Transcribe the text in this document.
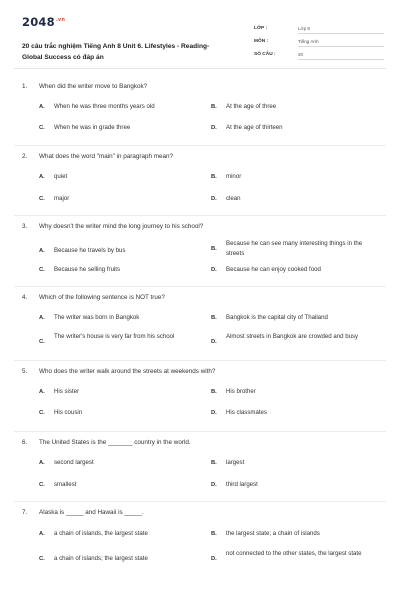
$2048^{.vn}$
20 câu trắc nghiệm Tiếng Anh 8 Unit 6. Lifestyles - Reading- Global Success có đáp án
LỚP :	Lớp 8
MÔN :	Tiếng Anh
SỐ CÂU :	20
1. When did the writer move to Bangkok?
A. When he was three months years old	B. At the age of three
C. When he was in grade three	D. At the age of thirteen
2. What does the word "main" in paragraph mean?
A. quiet	B. minor
C. major	D. clean
3. Why doesn't the writer mind the long journey to his school?
A. Because he travels by bus	B.
Because he can see many interesting things in the streets
C. Because he selling fruits	D. Because he can enjoy cooked food
4. Which of the following sentence is NOT true?
A. The writer was born in Bangkok	B. Bangkok is the capital city of Thailand
C.
The writer's house is very far from his school
D.
Almost streets in Bangkok are crowded and busy
5. Who does the writer walk around the streets at weekends with?
A. His sister	B. His brother
C. His cousin	D. His classmates
6. The United States is the _______ country in the world.
A. second largest	B. largest
C. smallest	D. third largest
7. Alaska is _____ and Hawaii is _____.
A. a chain of islands, the largest state	B. the largest state; a chain of islands
C. a chain of islands; the largest state	D.
not connected to the other states, the largest state
